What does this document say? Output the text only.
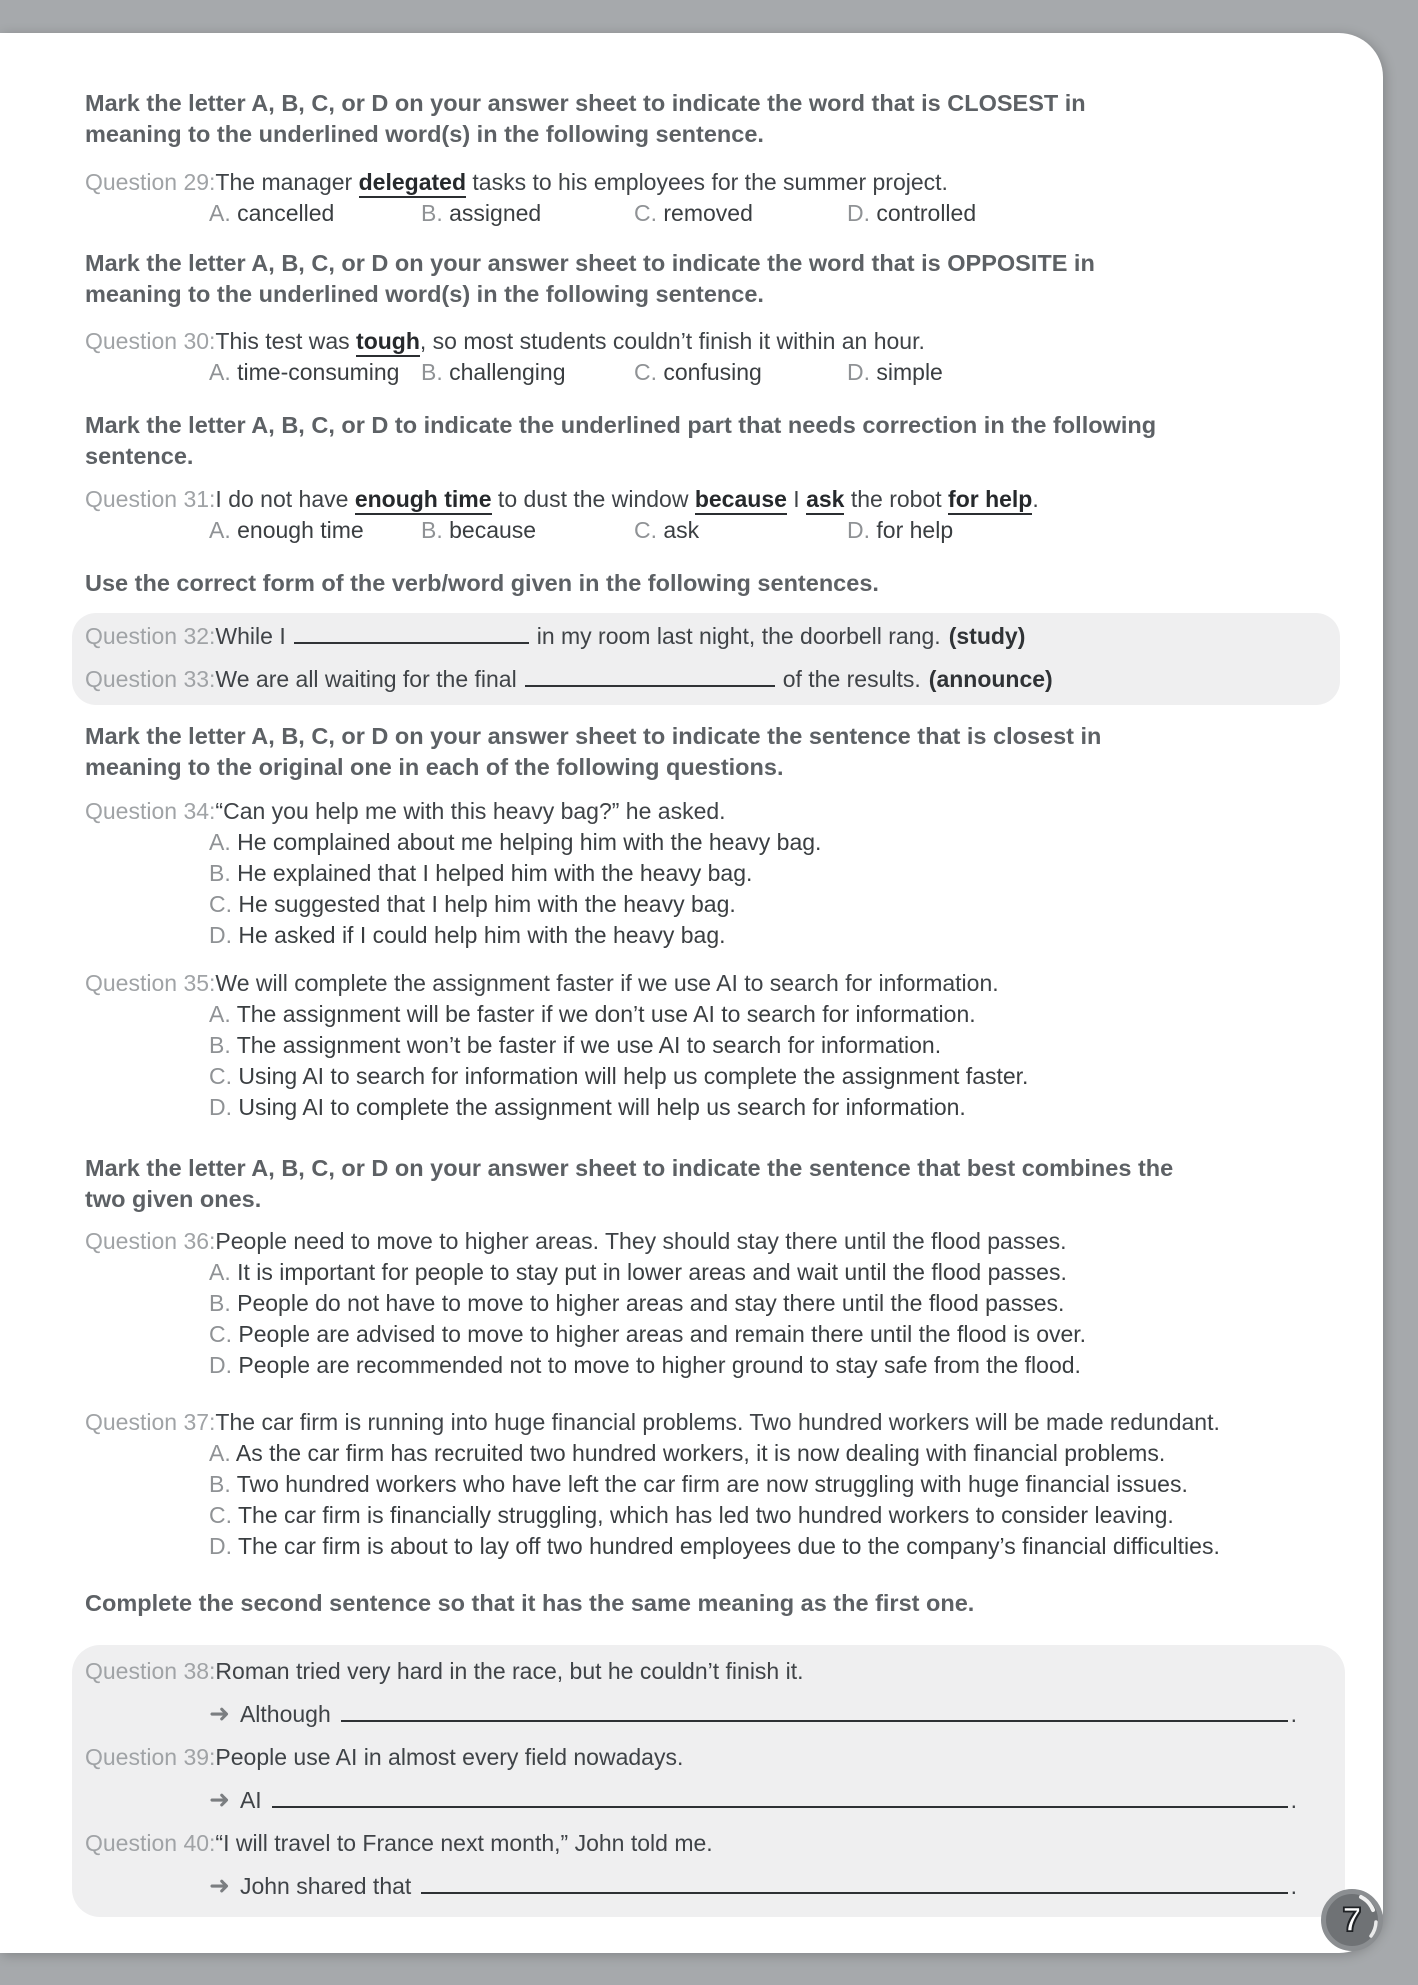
Mark the letter A, B, C, or D on your answer sheet to indicate the word that is CLOSEST in
meaning to the underlined word(s) in the following sentence.
Question 29: The manager delegated tasks to his employees for the summer project.
A. cancelled	B. assigned	C. removed	D. controlled
Mark the letter A, B, C, or D on your answer sheet to indicate the word that is OPPOSITE in
meaning to the underlined word(s) in the following sentence.
Question 30: This test was tough, so most students couldn’t finish it within an hour.
A. time-consuming B. challenging	C. confusing	D. simple
Mark the letter A, B, C, or D to indicate the underlined part that needs correction in the following
sentence.
Question 31: I do not have enough time to dust the window because I ask the robot for help.
A. enough time	B. because	C. ask	D. for help
Use the correct form of the verb/word given in the following sentences.
Question 32: While I	in my room last night, the doorbell rang. (study)
Question 33: We are all waiting for the final	of the results. (announce)
Mark the letter A, B, C, or D on your answer sheet to indicate the sentence that is closest in
meaning to the original one in each of the following questions.
Question 34: “Can you help me with this heavy bag?” he asked.
A. He complained about me helping him with the heavy bag.
B. He explained that I helped him with the heavy bag.
C. He suggested that I help him with the heavy bag.
D. He asked if I could help him with the heavy bag.
Question 35: We will complete the assignment faster if we use AI to search for information.
A. The assignment will be faster if we don’t use AI to search for information.
B. The assignment won’t be faster if we use AI to search for information.
C. Using AI to search for information will help us complete the assignment faster.
D. Using AI to complete the assignment will help us search for information.
Mark the letter A, B, C, or D on your answer sheet to indicate the sentence that best combines the
two given ones.
Question 36: People need to move to higher areas. They should stay there until the flood passes.
A. It is important for people to stay put in lower areas and wait until the flood passes.
B. People do not have to move to higher areas and stay there until the flood passes.
C. People are advised to move to higher areas and remain there until the flood is over.
D. People are recommended not to move to higher ground to stay safe from the flood.
Question 37: The car firm is running into huge financial problems. Two hundred workers will be made redundant.
A. As the car firm has recruited two hundred workers, it is now dealing with financial problems.
B. Two hundred workers who have left the car firm are now struggling with huge financial issues.
C. The car firm is financially struggling, which has led two hundred workers to consider leaving.
D. The car firm is about to lay off two hundred employees due to the company’s financial difficulties.
Complete the second sentence so that it has the same meaning as the first one.
Question 38: Roman tried very hard in the race, but he couldn’t finish it.
➜ Although	.
Question 39: People use AI in almost every field nowadays.
➜ AI	.
Question 40: “I will travel to France next month,” John told me.
➜ John shared that	.
7
